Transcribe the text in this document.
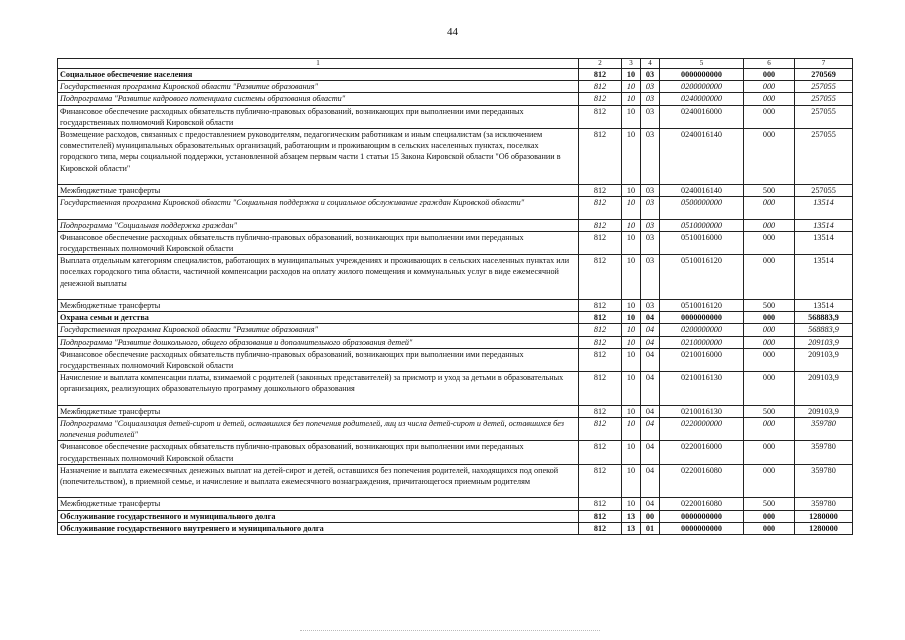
44
1	2	3	4	5	6	7
Социальное обеспечение населения	812	10	03	0000000000	000	270569
Государственная программа Кировской области "Развитие образования"	812	10	03	0200000000	000	257055
Подпрограмма "Развитие кадрового потенциала системы образования области"	812	10	03	0240000000	000	257055
Финансовое обеспечение расходных обязательств публично-правовых образований, возникающих при выполнении ими переданных государственных полномочий Кировской области	812	10	03	0240016000	000	257055
Возмещение расходов, связанных с предоставлением руководителям, педагогическим работникам и иным специалистам (за исключением совместителей) муниципальных образовательных организаций, работающим и проживающим в сельских населенных пунктах, поселках городского типа, меры социальной поддержки, установленной абзацем первым части 1 статьи 15 Закона Кировской области "Об образовании в Кировской области"	812	10	03	0240016140	000	257055
Межбюджетные трансферты	812	10	03	0240016140	500	257055
Государственная программа Кировской области "Социальная поддержка и социальное обслуживание граждан Кировской области"	812	10	03	0500000000	000	13514
Подпрограмма "Социальная поддержка граждан"	812	10	03	0510000000	000	13514
Финансовое обеспечение расходных обязательств публично-правовых образований, возникающих при выполнении ими переданных государственных полномочий Кировской области	812	10	03	0510016000	000	13514
Выплата отдельным категориям специалистов, работающих в муниципальных учреждениях и проживающих в сельских населенных пунктах или поселках городского типа области, частичной компенсации расходов на оплату жилого помещения и коммунальных услуг в виде ежемесячной денежной выплаты	812	10	03	0510016120	000	13514
Межбюджетные трансферты	812	10	03	0510016120	500	13514
Охрана семьи и детства	812	10	04	0000000000	000	568883,9
Государственная программа Кировской области "Развитие образования"	812	10	04	0200000000	000	568883,9
Подпрограмма "Развитие дошкольного, общего образования и дополнительного образования детей"	812	10	04	0210000000	000	209103,9
Финансовое обеспечение расходных обязательств публично-правовых образований, возникающих при выполнении ими переданных государственных полномочий Кировской области	812	10	04	0210016000	000	209103,9
Начисление и выплата компенсации платы, взимаемой с родителей (законных представителей) за присмотр и уход за детьми в образовательных организациях, реализующих образовательную программу дошкольного образования	812	10	04	0210016130	000	209103,9
Межбюджетные трансферты	812	10	04	0210016130	500	209103,9
Подпрограмма "Социализация детей-сирот и детей, оставшихся без попечения родителей, лиц из числа детей-сирот и детей, оставшихся без попечения родителей"	812	10	04	0220000000	000	359780
Финансовое обеспечение расходных обязательств публично-правовых образований, возникающих при выполнении ими переданных государственных полномочий Кировской области	812	10	04	0220016000	000	359780
Назначение и выплата ежемесячных денежных выплат на детей-сирот и детей, оставшихся без попечения родителей, находящихся под опекой (попечительством), в приемной семье, и начисление и выплата ежемесячного вознаграждения, причитающегося приемным родителям	812	10	04	0220016080	000	359780
Межбюджетные трансферты	812	10	04	0220016080	500	359780
Обслуживание государственного и муниципального долга	812	13	00	0000000000	000	1280000
Обслуживание государственного внутреннего и муниципального долга	812	13	01	0000000000	000	1280000
